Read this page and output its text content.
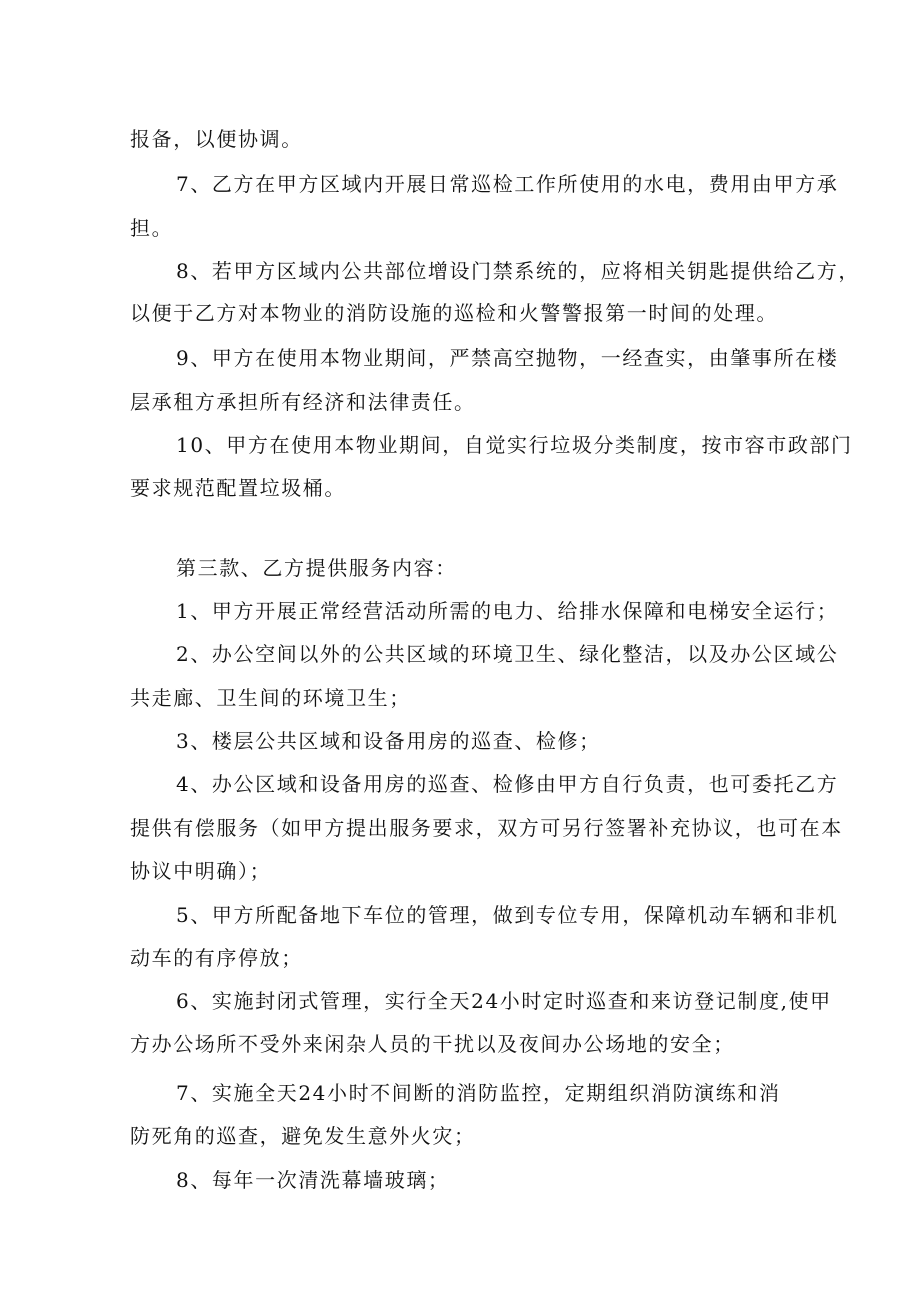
报备，以便协调。
7、乙方在甲方区域内开展日常巡检工作所使用的水电，费用由甲方承
担。
8、若甲方区域内公共部位增设门禁系统的，应将相关钥匙提供给乙方，
以便于乙方对本物业的消防设施的巡检和火警警报第一时间的处理。
9、甲方在使用本物业期间，严禁高空抛物，一经查实，由肇事所在楼
层承租方承担所有经济和法律责任。
10、甲方在使用本物业期间，自觉实行垃圾分类制度，按市容市政部门
要求规范配置垃圾桶。
第三款、乙方提供服务内容：
1、甲方开展正常经营活动所需的电力、给排水保障和电梯安全运行；
2、办公空间以外的公共区域的环境卫生、绿化整洁，以及办公区域公
共走廊、卫生间的环境卫生；
3、楼层公共区域和设备用房的巡查、检修；
4、办公区域和设备用房的巡查、检修由甲方自行负责，也可委托乙方
提供有偿服务（如甲方提出服务要求，双方可另行签署补充协议，也可在本
协议中明确）；
5、甲方所配备地下车位的管理，做到专位专用，保障机动车辆和非机
动车的有序停放；
6、实施封闭式管理，实行全天24小时定时巡查和来访登记制度,使甲
方办公场所不受外来闲杂人员的干扰以及夜间办公场地的安全；
7、实施全天24小时不间断的消防监控，定期组织消防演练和消
防死角的巡查，避免发生意外火灾；
8、每年一次清洗幕墙玻璃；
